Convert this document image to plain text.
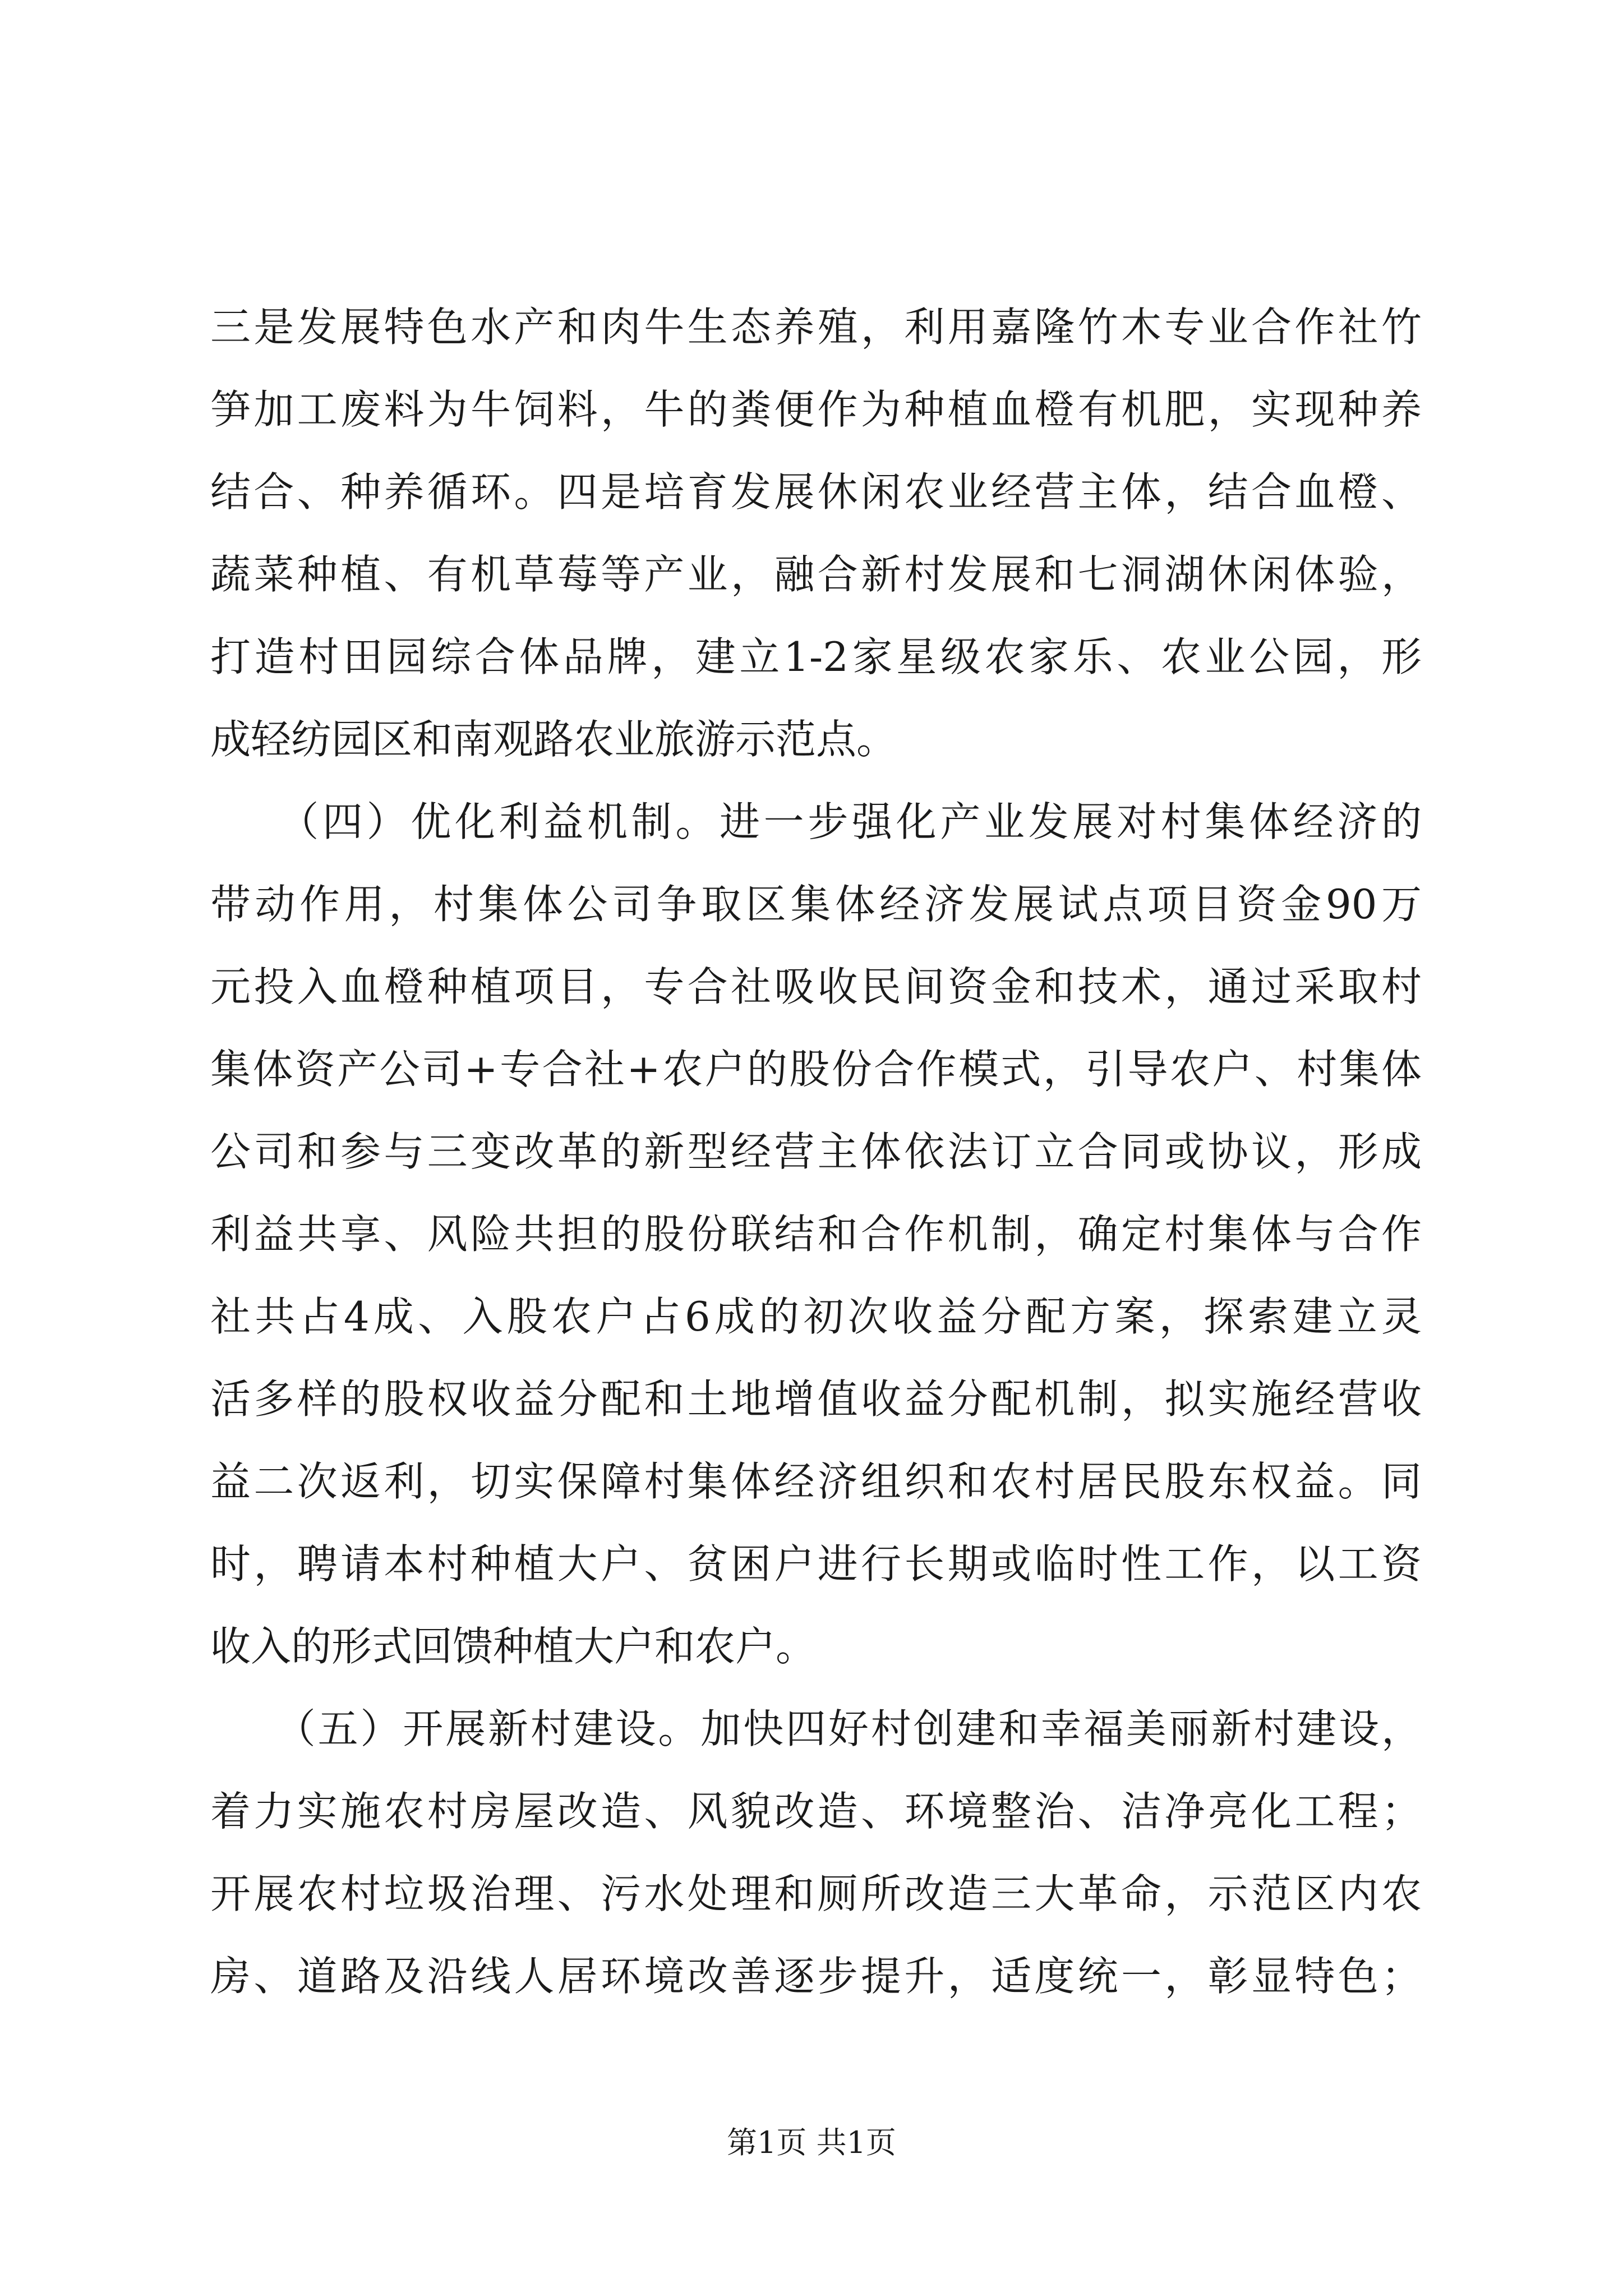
三是发展特色水产和肉牛生态养殖，利用嘉隆竹木专业合作社竹
笋加工废料为牛饲料，牛的粪便作为种植血橙有机肥，实现种养
结合、种养循环。四是培育发展休闲农业经营主体，结合血橙、
蔬菜种植、有机草莓等产业，融合新村发展和七洞湖休闲体验，
打造村田园综合体品牌，建立1-2家星级农家乐、农业公园，形
成轻纺园区和南观路农业旅游示范点。
　　（四）优化利益机制。进一步强化产业发展对村集体经济的
带动作用，村集体公司争取区集体经济发展试点项目资金90万
元投入血橙种植项目，专合社吸收民间资金和技术，通过采取村
集体资产公司+专合社+农户的股份合作模式，引导农户、村集体
公司和参与三变改革的新型经营主体依法订立合同或协议，形成
利益共享、风险共担的股份联结和合作机制，确定村集体与合作
社共占4成、入股农户占6成的初次收益分配方案，探索建立灵
活多样的股权收益分配和土地增值收益分配机制，拟实施经营收
益二次返利，切实保障村集体经济组织和农村居民股东权益。同
时，聘请本村种植大户、贫困户进行长期或临时性工作，以工资
收入的形式回馈种植大户和农户。
　　（五）开展新村建设。加快四好村创建和幸福美丽新村建设，
着力实施农村房屋改造、风貌改造、环境整治、洁净亮化工程；
开展农村垃圾治理、污水处理和厕所改造三大革命，示范区内农
房、道路及沿线人居环境改善逐步提升，适度统一，彰显特色；
第1页 共1页
